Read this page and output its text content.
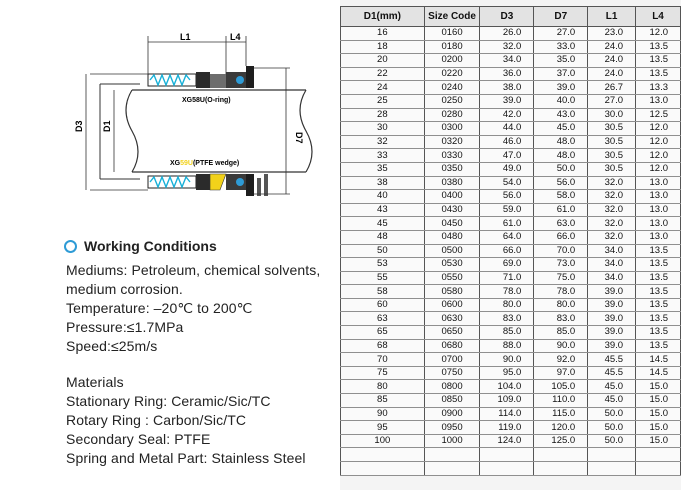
L1	L4
D3 D1
D7
XG58U(O-ring)
XG59U(PTFE wedge)
Working Conditions
Mediums: Petroleum, chemical solvents,
medium corrosion.
Temperature: –20℃ to 200℃
Pressure:≤1.7MPa
Speed:≤25m/s
Materials
Stationary Ring: Ceramic/Sic/TC
Rotary Ring : Carbon/Sic/TC
Secondary Seal: PTFE
Spring and Metal Part: Stainless Steel
D1(mm)	Size Code	D3	D7	L1	L4
16	0160	26.0	27.0	23.0	12.0
18	0180	32.0	33.0	24.0	13.5
20	0200	34.0	35.0	24.0	13.5
22	0220	36.0	37.0	24.0	13.5
24	0240	38.0	39.0	26.7	13.3
25	0250	39.0	40.0	27.0	13.0
28	0280	42.0	43.0	30.0	12.5
30	0300	44.0	45.0	30.5	12.0
32	0320	46.0	48.0	30.5	12.0
33	0330	47.0	48.0	30.5	12.0
35	0350	49.0	50.0	30.5	12.0
38	0380	54.0	56.0	32.0	13.0
40	0400	56.0	58.0	32.0	13.0
43	0430	59.0	61.0	32.0	13.0
45	0450	61.0	63.0	32.0	13.0
48	0480	64.0	66.0	32.0	13.0
50	0500	66.0	70.0	34.0	13.5
53	0530	69.0	73.0	34.0	13.5
55	0550	71.0	75.0	34.0	13.5
58	0580	78.0	78.0	39.0	13.5
60	0600	80.0	80.0	39.0	13.5
63	0630	83.0	83.0	39.0	13.5
65	0650	85.0	85.0	39.0	13.5
68	0680	88.0	90.0	39.0	13.5
70	0700	90.0	92.0	45.5	14.5
75	0750	95.0	97.0	45.5	14.5
80	0800	104.0	105.0	45.0	15.0
85	0850	109.0	110.0	45.0	15.0
90	0900	114.0	115.0	50.0	15.0
95	0950	119.0	120.0	50.0	15.0
100	1000	124.0	125.0	50.0	15.0
